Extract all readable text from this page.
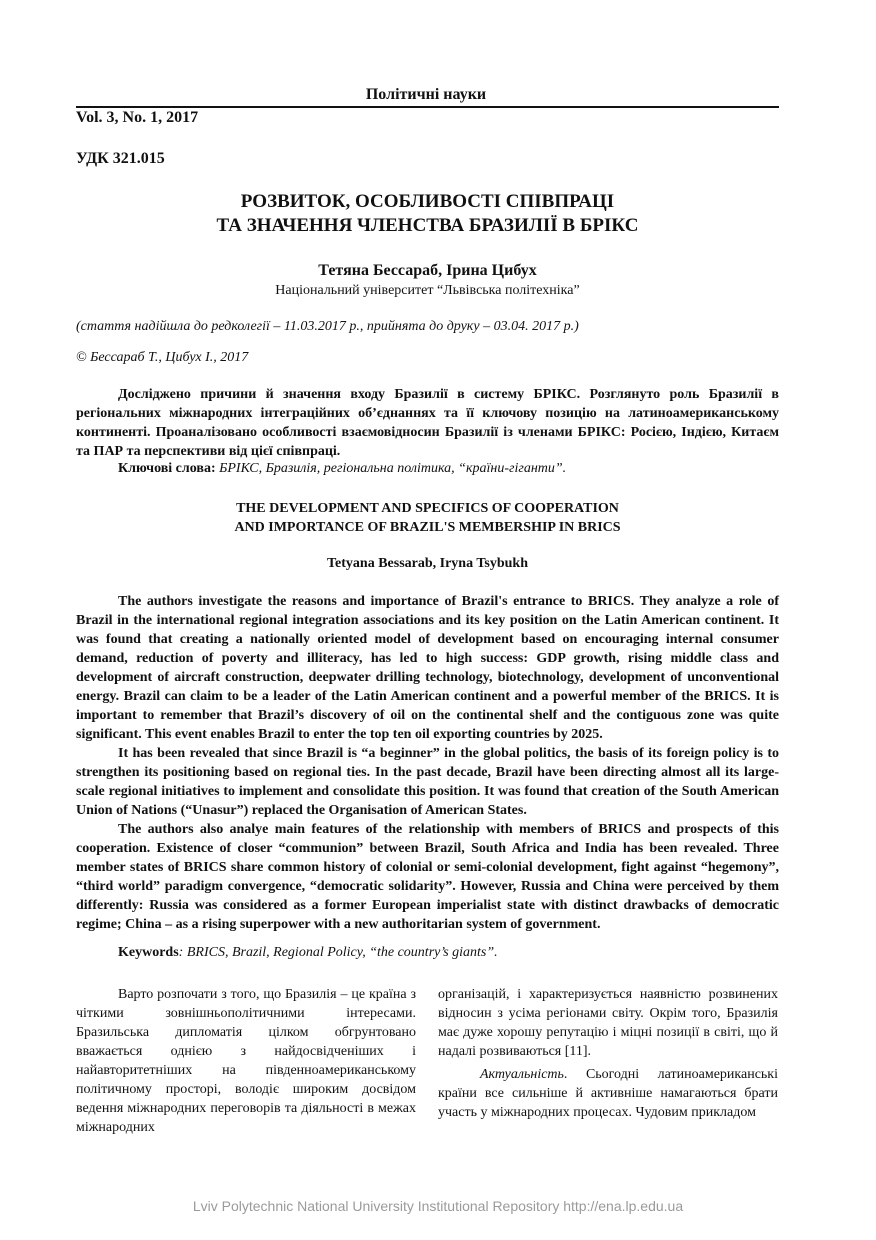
Політичні науки
Vol. 3, No. 1, 2017
УДК 321.015
РОЗВИТОК, ОСОБЛИВОСТІ СПІВПРАЦІ
ТА ЗНАЧЕННЯ ЧЛЕНСТВА БРАЗИЛІЇ В БРІКС
Тетяна Бессараб, Ірина Цибух
Національний університет “Львівська політехніка”
(стаття надійшла до редколегії – 11.03.2017 р., прийнята до друку – 03.04. 2017 р.)
© Бессараб Т., Цибух І., 2017

Досліджено причини й значення входу Бразилії в систему БРІКС. Розглянуто роль Бразилії в регіональних міжнародних інтеграційних об’єднаннях та її ключову позицію на латиноамериканському континенті. Проаналізовано особливості взаємовідносин Бразилії із членами БРІКС: Росією, Індією, Китаєм та ПАР та перспективи від цієї співпраці.

Ключові слова: БРІКС, Бразилія, регіональна політика, “країни-гіганти”.
THE DEVELOPMENT AND SPECIFICS OF COOPERATION
AND IMPORTANCE OF BRAZIL'S MEMBERSHIP IN BRICS
Tetyana Bessarab, Iryna Tsybukh

The authors investigate the reasons and importance of Brazil's entrance to BRICS. They analyze a role of Brazil in the international regional integration associations and its key position on the Latin American continent. It was found that creating a nationally oriented model of development based on encouraging internal consumer demand, reduction of poverty and illiteracy, has led to high success: GDP growth, rising middle class and development of aircraft construction, deepwater drilling technology, biotechnology, development of unconventional energy. Brazil can claim to be a leader of the Latin American continent and a powerful member of the BRICS. It is important to remember that Brazil’s discovery of oil on the continental shelf and the contiguous zone was quite significant. This event enables Brazil to enter the top ten oil exporting countries by 2025.

It has been revealed that since Brazil is “a beginner” in the global politics, the basis of its foreign policy is to strengthen its positioning based on regional ties. In the past decade, Brazil have been directing almost all its large-scale regional initiatives to implement and consolidate this position. It was found that creation of the South American Union of Nations (“Unasur”) replaced the Organisation of American States.

The authors also analye main features of the relationship with members of BRICS and prospects of this cooperation. Existence of closer “communion” between Brazil, South Africa and India has been revealed. Three member states of BRICS share common history of colonial or semi-colonial development, fight against “hegemony”, “third world” paradigm convergence, “democratic solidarity”. However, Russia and China were perceived by them differently: Russia was considered as a former European imperialist state with distinct drawbacks of democratic regime; China – as a rising superpower with a new authoritarian system of government.

Keywords: BRICS, Brazil, Regional Policy, “the country’s giants”.

Варто розпочати з того, що Бразилія – це країна з чіткими зовнішньополітичними інтересами. Бразильська дипломатія цілком обгрунтовано вважається однією з найдосвідченіших і найавторитетніших на південноамериканському політичному просторі, володіє широким досвідом ведення міжнародних переговорів та діяльності в межах міжнародних

організацій, і характеризується наявністю розвинених відносин з усіма регіонами світу. Окрім того, Бразилія має дуже хорошу репутацію і міцні позиції в світі, що й надалі розвиваються [11].

Актуальність. Сьогодні латиноамериканські країни все сильніше й активніше намагаються брати участь у міжнародних процесах. Чудовим прикладом

Lviv Polytechnic National University Institutional Repository http://ena.lp.edu.ua
